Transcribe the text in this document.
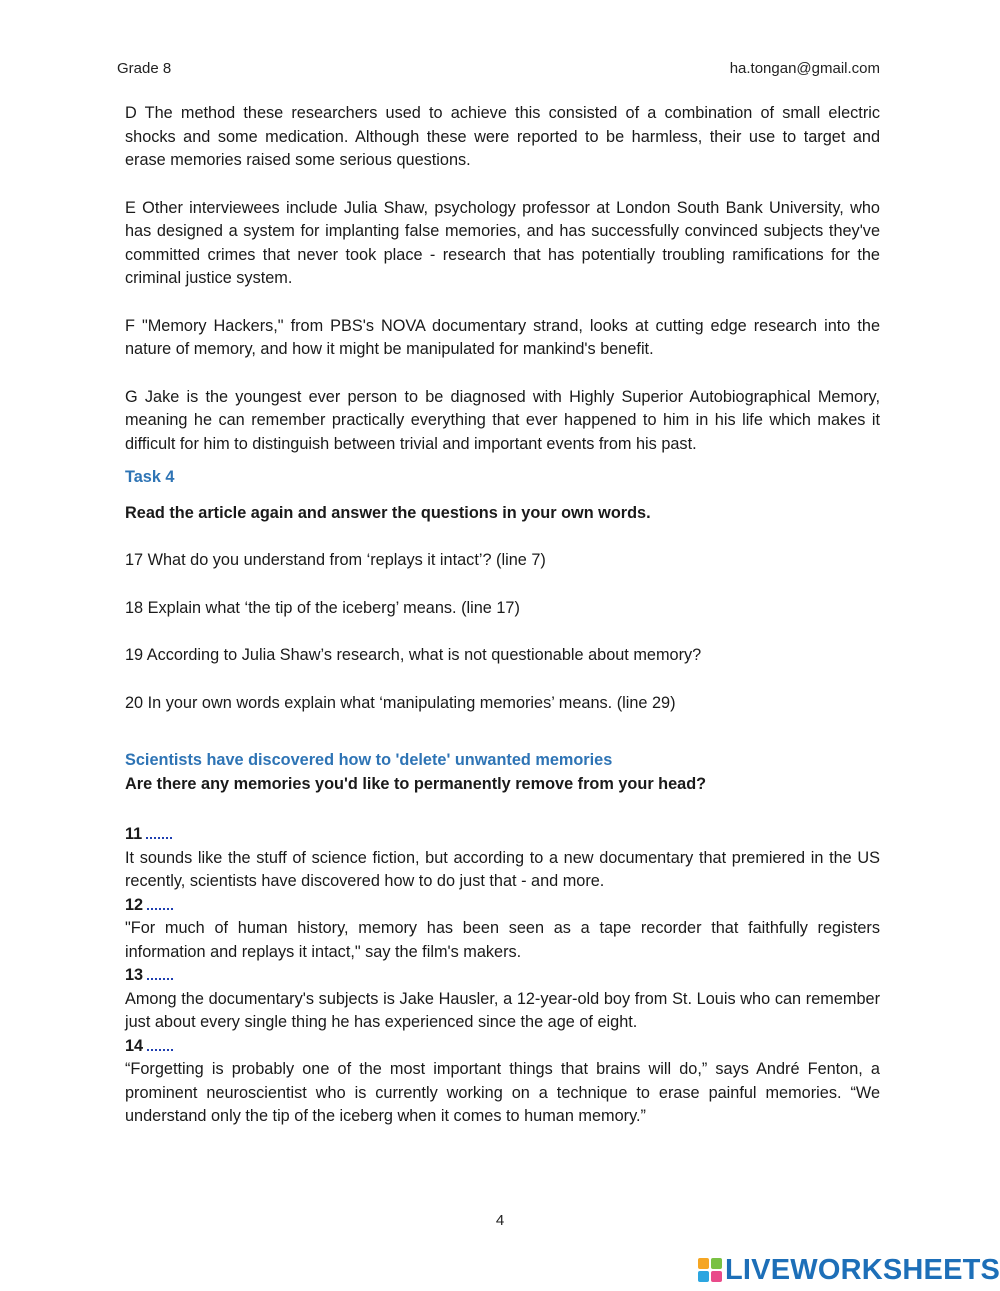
Grade 8	ha.tongan@gmail.com

D The method these researchers used to achieve this consisted of a combination of small electric shocks and some medication. Although these were reported to be harmless, their use to target and erase memories raised some serious questions.

E Other interviewees include Julia Shaw, psychology professor at London South Bank University, who has designed a system for implanting false memories, and has successfully convinced subjects they've committed crimes that never took place - research that has potentially troubling ramifications for the criminal justice system.

F "Memory Hackers," from PBS's NOVA documentary strand, looks at cutting edge research into the nature of memory, and how it might be manipulated for mankind's benefit.

G Jake is the youngest ever person to be diagnosed with Highly Superior Autobiographical Memory, meaning he can remember practically everything that ever happened to him in his life which makes it difficult for him to distinguish between trivial and important events from his past.

Task 4
Read the article again and answer the questions in your own words.
17 What do you understand from ‘replays it intact’? (line 7)
18 Explain what ‘the tip of the iceberg’ means. (line 17)
19 According to Julia Shaw’s research, what is not questionable about memory?
20 In your own words explain what ‘manipulating memories’ means. (line 29)
Scientists have discovered how to 'delete' unwanted memories
Are there any memories you'd like to permanently remove from your head?
11

It sounds like the stuff of science fiction, but according to a new documentary that premiered in the US recently, scientists have discovered how to do just that - and more.

12

"For much of human history, memory has been seen as a tape recorder that faithfully registers information and replays it intact," say the film's makers.

13

Among the documentary's subjects is Jake Hausler, a 12-year-old boy from St. Louis who can remember just about every single thing he has experienced since the age of eight.

14

“Forgetting is probably one of the most important things that brains will do,” says André Fenton, a prominent neuroscientist who is currently working on a technique to erase painful memories. “We understand only the tip of the iceberg when it comes to human memory.”

4
LIVEWORKSHEETS
